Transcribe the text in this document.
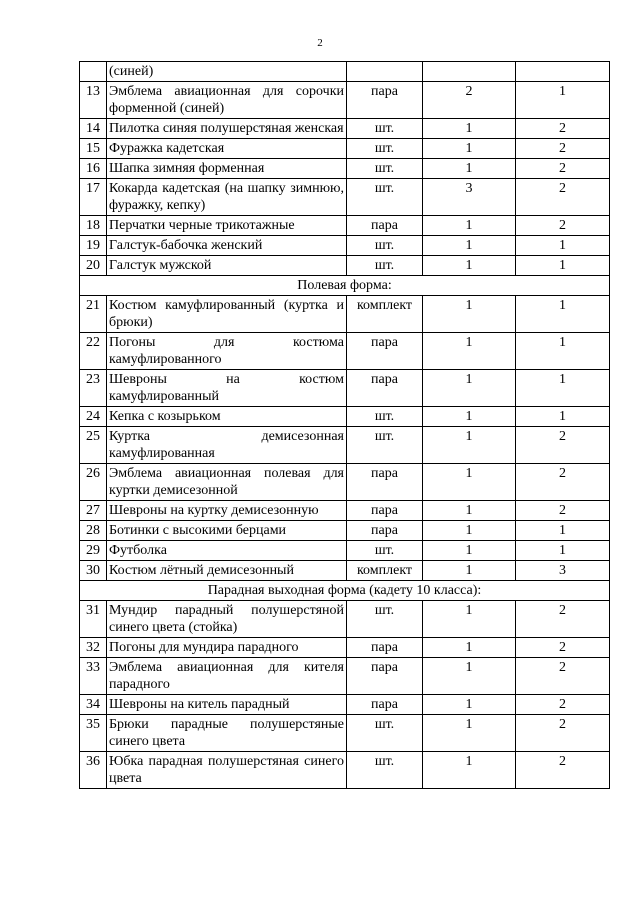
2
	(синей)			
13	Эмблема авиационная для сорочки форменной (синей)	пара	2	1
14	Пилотка синяя полушерстяная женская	шт.	1	2
15	Фуражка кадетская	шт.	1	2
16	Шапка зимняя форменная	шт.	1	2
17	Кокарда кадетская (на шапку зимнюю, фуражку, кепку)	шт.	3	2
18	Перчатки черные трикотажные	пара	1	2
19	Галстук-бабочка женский	шт.	1	1
20	Галстук мужской	шт.	1	1
Полевая форма:				
21	Костюм камуфлированный (куртка и брюки)	комплект	1	1
22	Погоны для костюма камуфлированного	пара	1	1
23	Шевроны на костюм камуфлированный	пара	1	1
24	Кепка с козырьком	шт.	1	1
25	Куртка демисезонная камуфлированная	шт.	1	2
26	Эмблема авиационная полевая для куртки демисезонной	пара	1	2
27	Шевроны на куртку демисезонную	пара	1	2
28	Ботинки с высокими берцами	пара	1	1
29	Футболка	шт.	1	1
30	Костюм лётный демисезонный	комплект	1	3
Парадная выходная форма (кадету 10 класса):				
31	Мундир парадный полушерстяной синего цвета (стойка)	шт.	1	2
32	Погоны для мундира парадного	пара	1	2
33	Эмблема авиационная для кителя парадного	пара	1	2
34	Шевроны на китель парадный	пара	1	2
35	Брюки парадные полушерстяные синего цвета	шт.	1	2
36	Юбка парадная полушерстяная синего цвета	шт.	1	2
